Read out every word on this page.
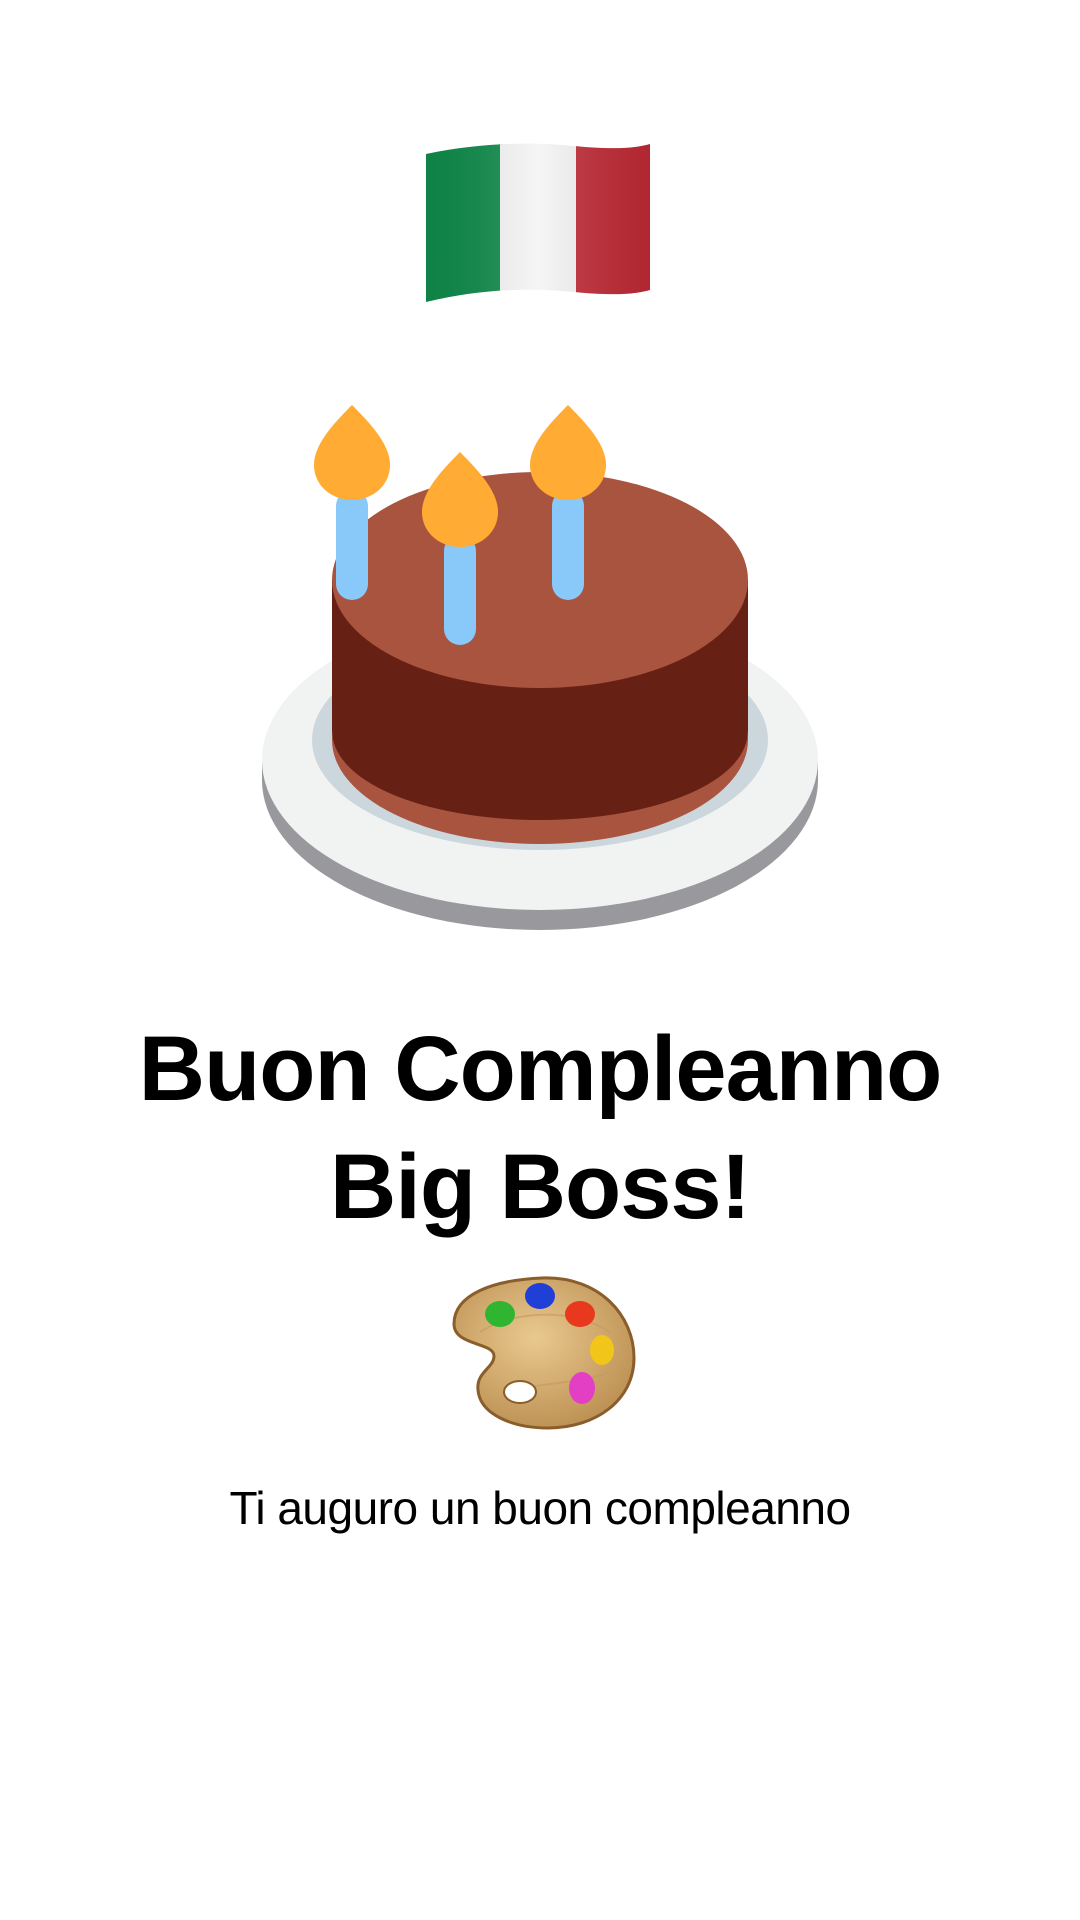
Buon Compleanno
Big Boss!

Ti auguro un buon compleanno
